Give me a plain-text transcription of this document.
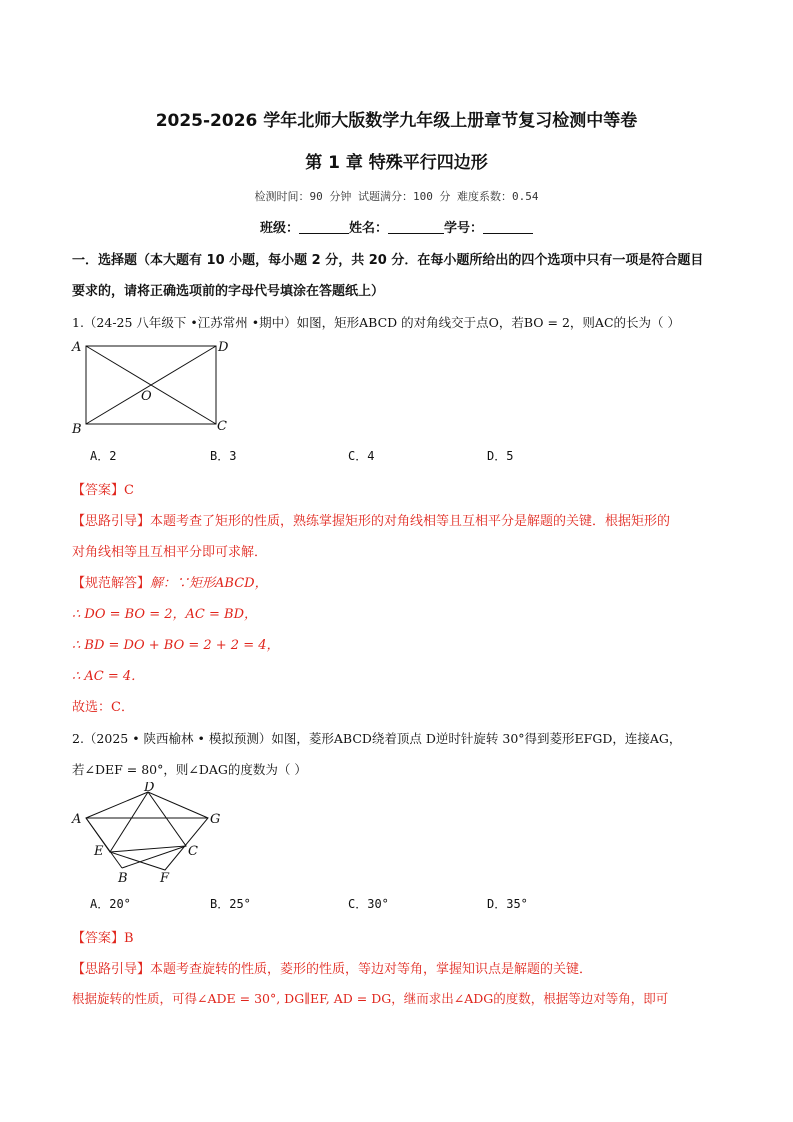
2025-2026 学年北师大版数学九年级上册章节复习检测中等卷
第 1 章 特殊平行四边形
检测时间：90 分钟 试题满分：100 分 难度系数：0.54
班级：	姓名：	学号：
一．选择题（本大题有 10 小题，每小题 2 分，共 20 分．在每小题所给出的四个选项中只有一项是符合题目
要求的，请将正确选项前的字母代号填涂在答题纸上）
1.（24-25 八年级下 •江苏常州 •期中）如图，矩形ABCD 的对角线交于点O，若BO = 2，则AC的长为（ ）
A	D
B	C
O
A．2	B．3	C．4	D．5
【答案】C
【思路引导】本题考查了矩形的性质，熟练掌握矩形的对角线相等且互相平分是解题的关键．根据矩形的
对角线相等且互相平分即可求解．
【规范解答】解：∵矩形ABCD，
∴ DO = BO = 2，AC = BD，
∴ BD = DO + BO = 2 + 2 = 4，
∴ AC = 4．
故选：C．
2.（2025 • 陕西榆林 • 模拟预测）如图，菱形ABCD绕着顶点 D逆时针旋转 30°得到菱形EFGD，连接AG，
若∠DEF = 80°，则∠DAG的度数为（ ）
D
A	G
E	C
B F
A．20°	B．25°	C．30°	D．35°
【答案】B
【思路引导】本题考查旋转的性质，菱形的性质，等边对等角，掌握知识点是解题的关键．
根据旋转的性质，可得∠ADE = 30°, DG∥EF, AD = DG，继而求出∠ADG的度数，根据等边对等角，即可
